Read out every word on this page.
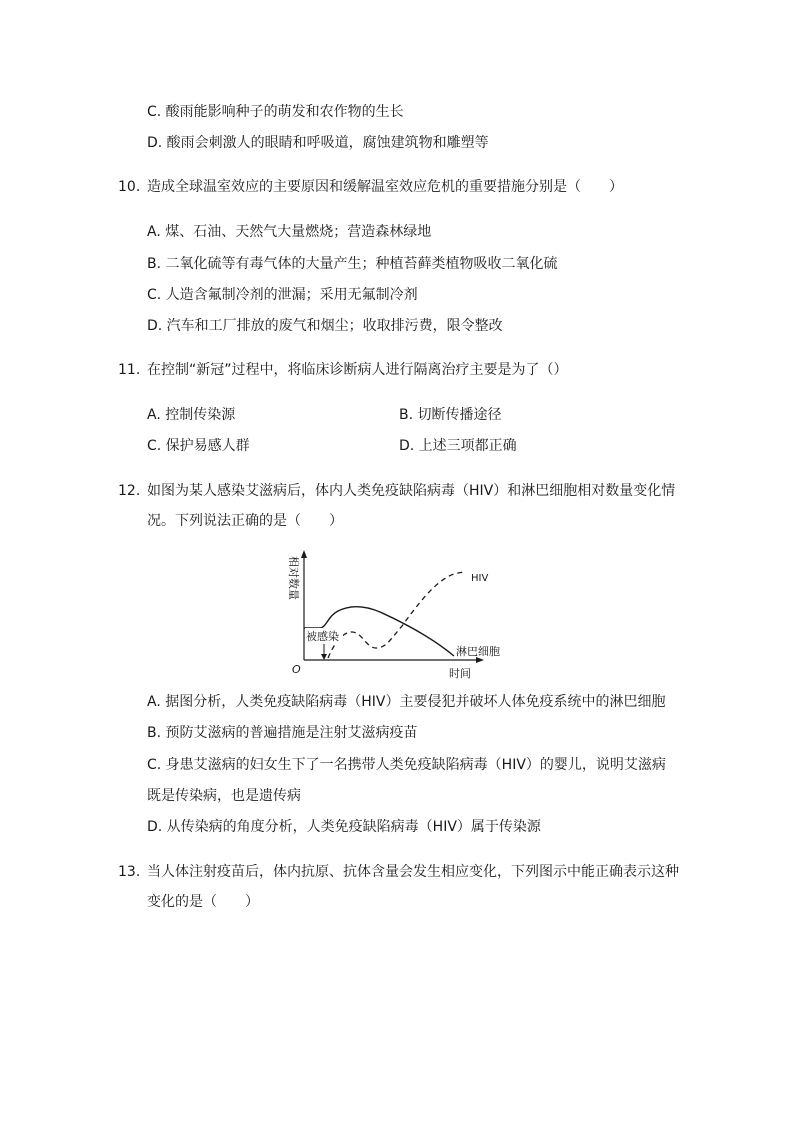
C. 酸雨能影响种子的萌发和农作物的生长
D. 酸雨会刺激人的眼睛和呼吸道，腐蚀建筑物和雕塑等
10. 造成全球温室效应的主要原因和缓解温室效应危机的重要措施分别是（　　）
A. 煤、石油、天然气大量燃烧；营造森林绿地
B. 二氧化硫等有毒气体的大量产生；种植苔藓类植物吸收二氧化硫
C. 人造含氟制冷剂的泄漏；采用无氟制冷剂
D. 汽车和工厂排放的废气和烟尘；收取排污费，限令整改
11. 在控制“新冠”过程中，将临床诊断病人进行隔离治疗主要是为了（）
A. 控制传染源	B. 切断传播途径
C. 保护易感人群	D. 上述三项都正确
12. 如图为某人感染艾滋病后，体内人类免疫缺陷病毒（HIV）和淋巴细胞相对数量变化情
况。下列说法正确的是（　　）
相对数量
被感染
HIV
淋巴细胞
O	时间
A. 据图分析，人类免疫缺陷病毒（HIV）主要侵犯并破坏人体免疫系统中的淋巴细胞
B. 预防艾滋病的普遍措施是注射艾滋病疫苗
C. 身患艾滋病的妇女生下了一名携带人类免疫缺陷病毒（HIV）的婴儿，说明艾滋病
既是传染病，也是遗传病
D. 从传染病的角度分析，人类免疫缺陷病毒（HIV）属于传染源
13. 当人体注射疫苗后，体内抗原、抗体含量会发生相应变化，下列图示中能正确表示这种
变化的是（　　）
